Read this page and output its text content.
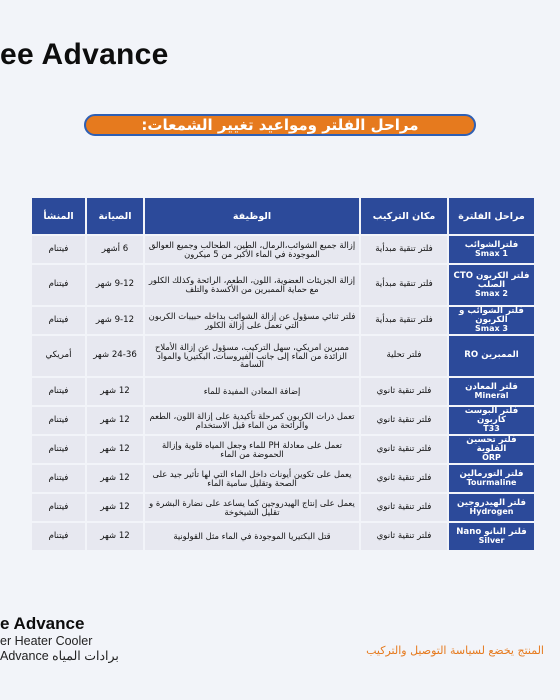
ee Advance
مراحل الفلتر ومواعيد تغيير الشمعات:
مراحل الفلترة	مكان التركيب	الوظيفة	الصيانة	المنشأ
فلترالشوائب
Smax 1	فلتر تنقية مبدأية	إزالة جميع الشوائب،الرمال، الطين، الطحالب وجميع العوالق الموجودة في الماء الأكبر من 5 ميكرون	6 أشهر	فيتنام
فلتر الكربون CTO الصلب
Smax 2	فلتر تنقية مبدأية	إزالة الجزيئات العضوية، اللون، الطعم، الرائحة وكذلك الكلور مع حماية الممبرين من الأكسدة والتلف	9-12 شهر	فيتنام
فلتر الشوائب و الكربون
Smax 3	فلتر تنقية مبدأية	فلتر ثنائي مسؤول عن إزالة الشوائب بداخله حبيبات الكربون التي تعمل على إزالة الكلور	9-12 شهر	فيتنام
الممبرين RO	فلتر تحلية	ممبرين امريكي، سهل التركيب، مسؤول عن إزالة الأملاح الزائدة من الماء إلى جانب الفيروسات، البكتيريا والمواد السامة	24-36 شهر	أمريكي
فلتر المعادن
Mineral	فلتر تنقية ثانوي	إضافة المعادن المفيدة للماء	12 شهر	فيتنام
فلتر البوست كاربون
T33	فلتر تنقية ثانوي	تعمل ذرات الكربون كمرحلة تأكيدية على إزالة اللون، الطعم والرائحة من الماء قبل الاستخدام	12 شهر	فيتنام
فلتر تحسين القلوية
ORP	فلتر تنقية ثانوي	تعمل على معادلة PH للماء وجعل المياه قلوية وإزالة الحموضة من الماء	12 شهر	فيتنام
فلتر التورمالين
Tourmaline	فلتر تنقية ثانوي	يعمل على تكوين أيونات داخل الماء التي لها تأثير جيد على الصحة وتقليل سامية الماء	12 شهر	فيتنام
فلتر الهيدروجين
Hydrogen	فلتر تنقية ثانوي	يعمل على إنتاج الهيدروجين كما يساعد على نضارة البشرة و تقليل الشيخوخة	12 شهر	فيتنام
فلتر النانو Nano
Silver	فلتر تنقية ثانوي	قتل البكتيريا الموجودة في الماء مثل القولونية	12 شهر	فيتنام
e Advance
er Heater Cooler
برادات المياه Advance	المنتج يخضع لسياسة التوصيل والتركيب
